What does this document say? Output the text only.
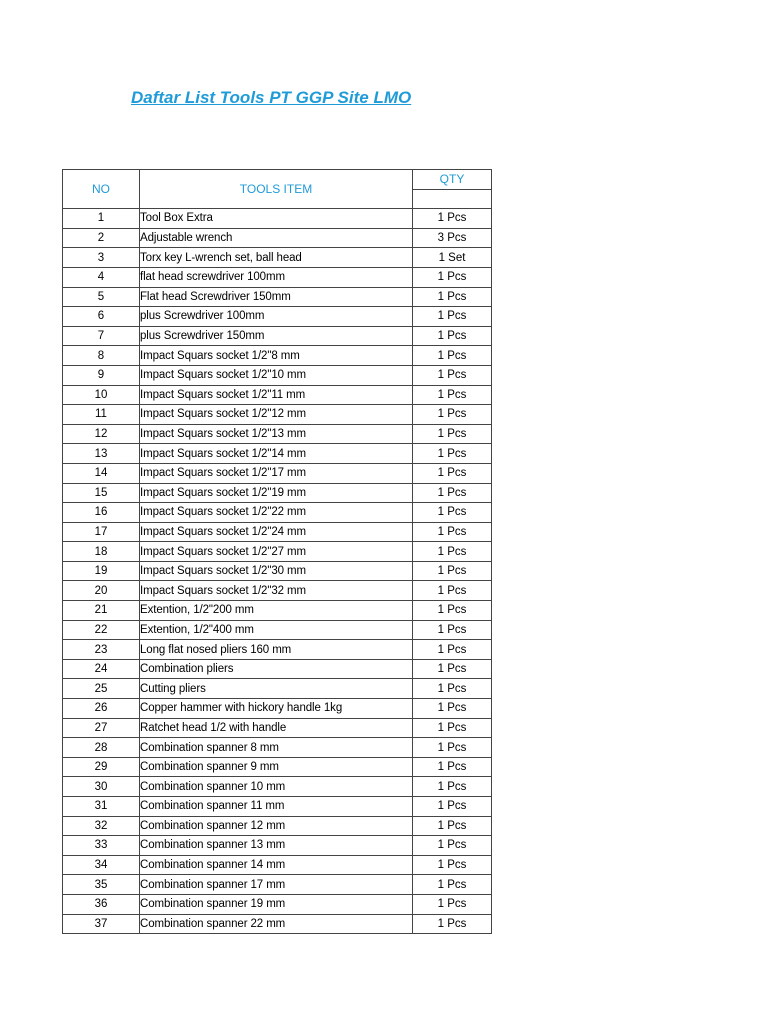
Daftar List Tools PT GGP Site LMO
NO	TOOLS ITEM	QTY

1	Tool Box Extra	1 Pcs
2	Adjustable wrench	3 Pcs
3	Torx key L-wrench set, ball head	1 Set
4	flat head screwdriver 100mm	1 Pcs
5	Flat head Screwdriver 150mm	1 Pcs
6	plus Screwdriver 100mm	1 Pcs
7	plus Screwdriver 150mm	1 Pcs
8	Impact Squars socket 1/2"8 mm	1 Pcs
9	Impact Squars socket 1/2"10 mm	1 Pcs
10	Impact Squars socket 1/2"11 mm	1 Pcs
11	Impact Squars socket 1/2"12 mm	1 Pcs
12	Impact Squars socket 1/2"13 mm	1 Pcs
13	Impact Squars socket 1/2"14 mm	1 Pcs
14	Impact Squars socket 1/2"17 mm	1 Pcs
15	Impact Squars socket 1/2"19 mm	1 Pcs
16	Impact Squars socket 1/2"22 mm	1 Pcs
17	Impact Squars socket 1/2"24 mm	1 Pcs
18	Impact Squars socket 1/2"27 mm	1 Pcs
19	Impact Squars socket 1/2"30 mm	1 Pcs
20	Impact Squars socket 1/2"32 mm	1 Pcs
21	Extention, 1/2"200 mm	1 Pcs
22	Extention, 1/2"400 mm	1 Pcs
23	Long flat nosed pliers 160 mm	1 Pcs
24	Combination pliers	1 Pcs
25	Cutting pliers	1 Pcs
26	Copper hammer with hickory handle 1kg	1 Pcs
27	Ratchet head 1/2 with handle	1 Pcs
28	Combination spanner 8 mm	1 Pcs
29	Combination spanner 9 mm	1 Pcs
30	Combination spanner 10 mm	1 Pcs
31	Combination spanner 11 mm	1 Pcs
32	Combination spanner 12 mm	1 Pcs
33	Combination spanner 13 mm	1 Pcs
34	Combination spanner 14 mm	1 Pcs
35	Combination spanner 17 mm	1 Pcs
36	Combination spanner 19 mm	1 Pcs
37	Combination spanner 22 mm	1 Pcs
